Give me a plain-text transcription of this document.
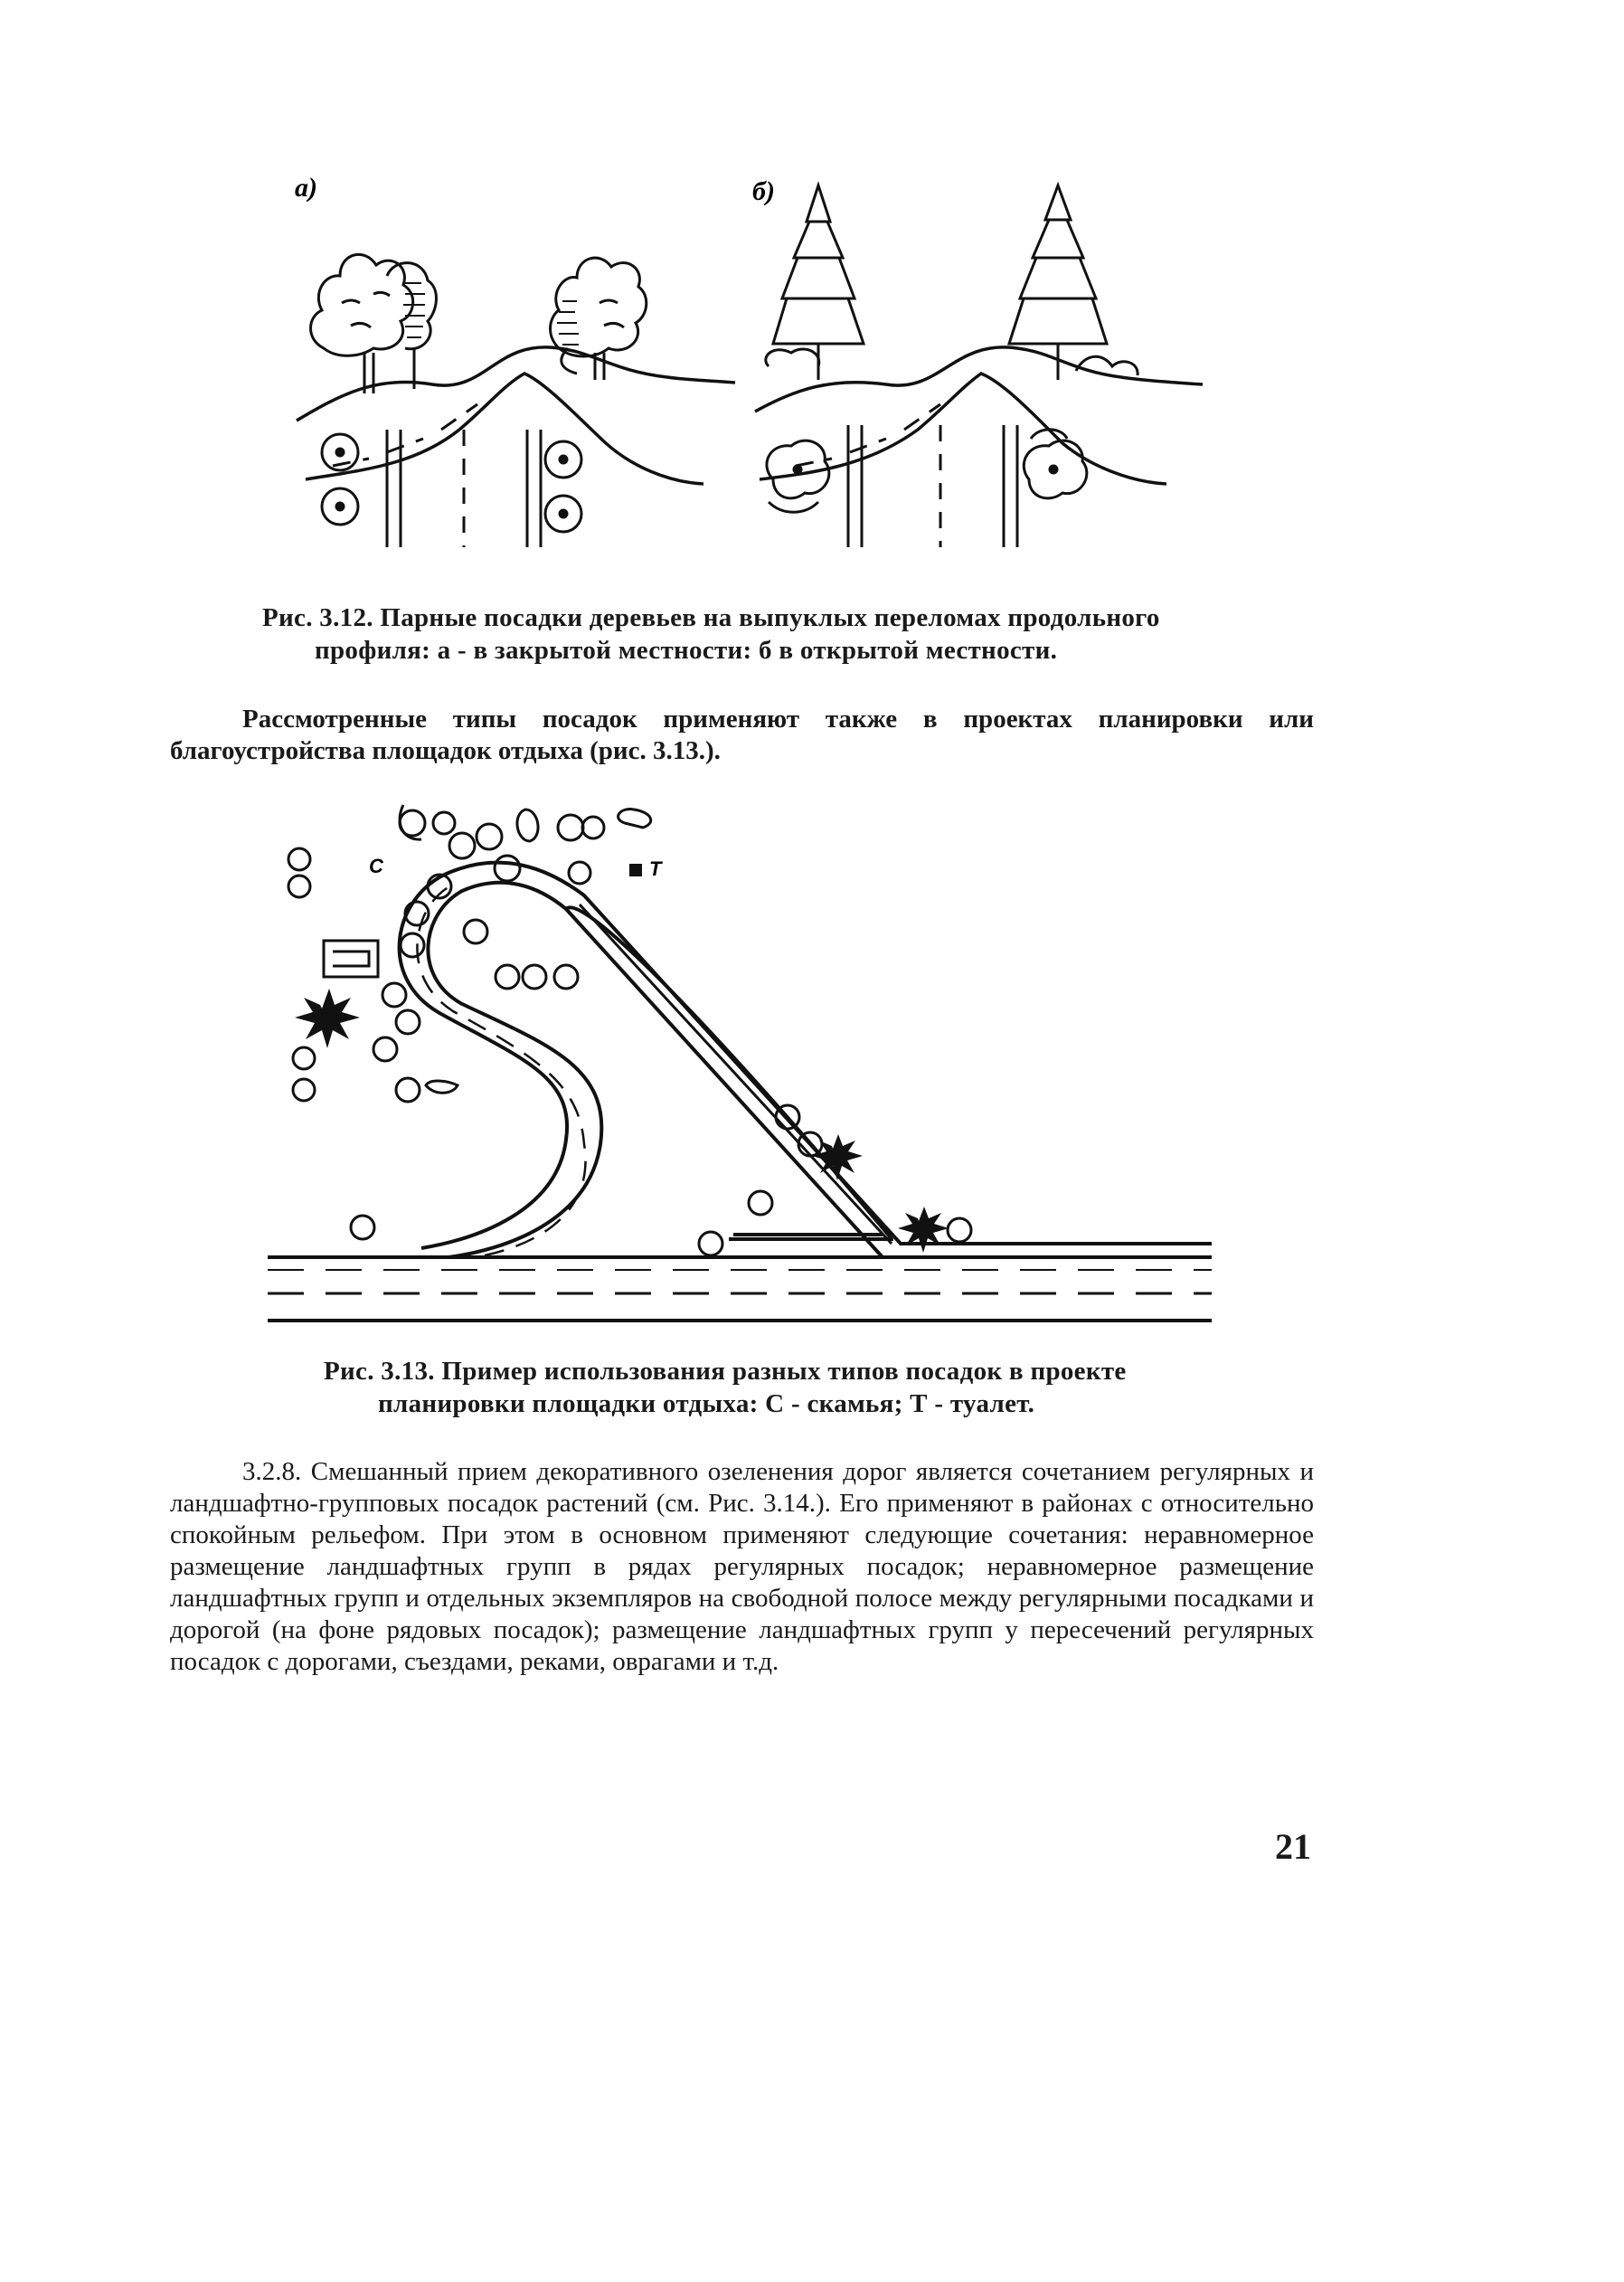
а)	б)
Рис. 3.12. Парные посадки деревьев на выпуклых переломах продольного
профиля: а - в закрытой местности: б в открытой местности.
Рассмотренные типы посадок применяют также в проектах планировки или благоустройства площадок отдыха (рис. 3.13.).
С	Т
Рис. 3.13. Пример использования разных типов посадок в проекте
планировки площадки отдыха: С - скамья; Т - туалет.
3.2.8. Смешанный прием декоративного озеленения дорог является сочетанием регулярных и ландшафтно-групповых посадок растений (см. Рис. 3.14.). Его применяют в районах с относительно спокойным рельефом. При этом в основном применяют следующие сочетания: неравномерное размещение ландшафтных групп в рядах регулярных посадок; неравномерное размещение ландшафтных групп и отдельных экземпляров на свободной полосе между регулярными посадками и дорогой (на фоне рядовых посадок); размещение ландшафтных групп у пересечений регулярных посадок с дорогами, съездами, реками, оврагами и т.д.
21
